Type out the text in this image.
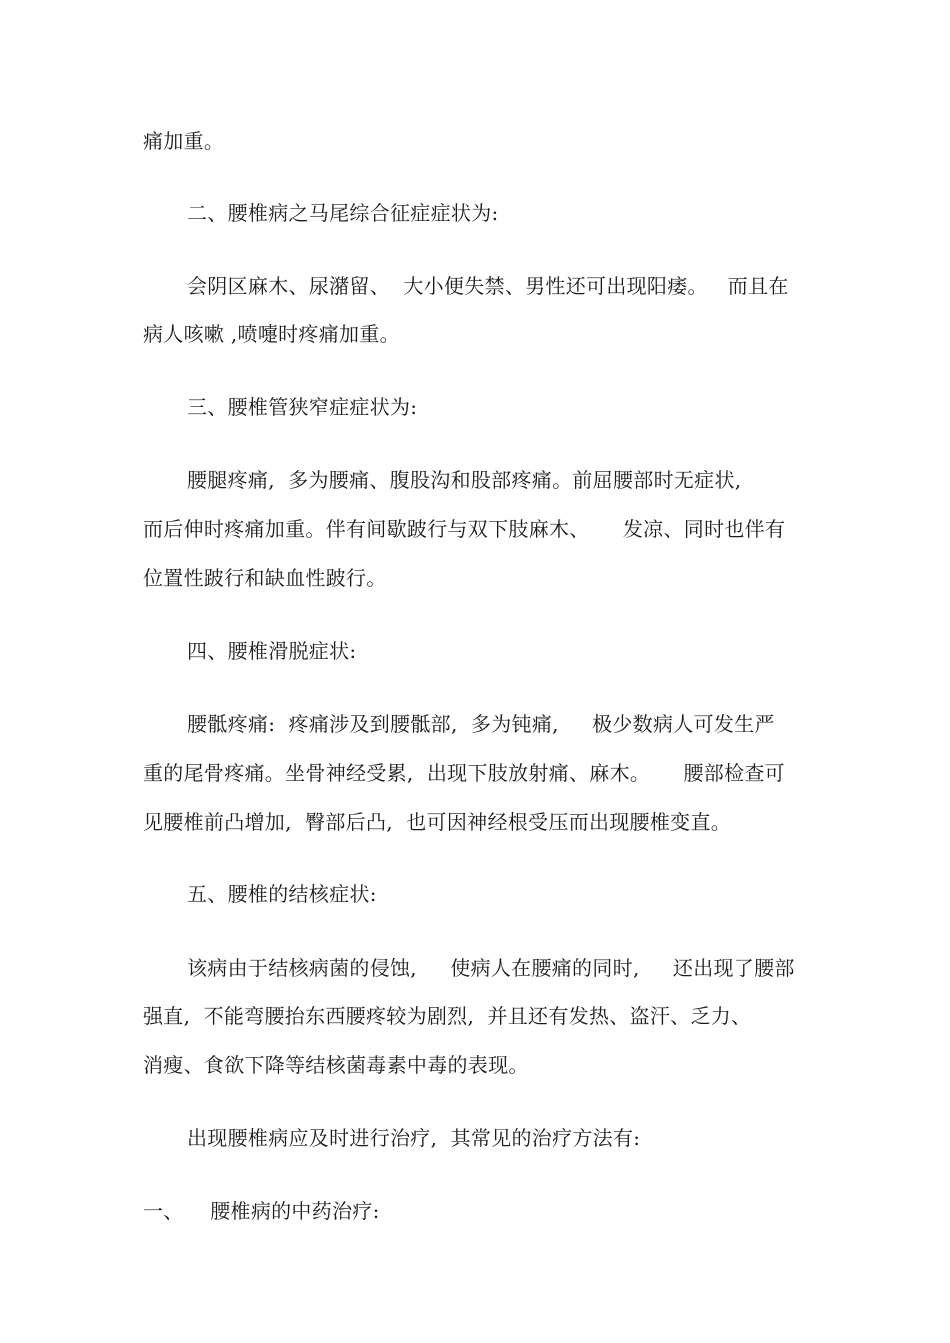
痛加重。
二、腰椎病之马尾综合征症症状为:
会阴区麻木、尿潴留、  大小便失禁、男性还可出现阳痿。   而且在
病人咳嗽 ,喷嚏时疼痛加重。
三、腰椎管狭窄症症状为:
腰腿疼痛,  多为腰痛、腹股沟和股部疼痛。前屈腰部时无症状,
而后伸时疼痛加重。伴有间歇跛行与双下肢麻木、     发凉、同时也伴有
位置性跛行和缺血性跛行。
四、腰椎滑脱症状:
腰骶疼痛:  疼痛涉及到腰骶部,  多为钝痛,     极少数病人可发生严
重的尾骨疼痛。坐骨神经受累,  出现下肢放射痛、麻木。     腰部检查可
见腰椎前凸增加,  臀部后凸,  也可因神经根受压而出现腰椎变直。
五、腰椎的结核症状:
该病由于结核病菌的侵蚀,     使病人在腰痛的同时,     还出现了腰部
强直,  不能弯腰抬东西腰疼较为剧烈,  并且还有发热、盗汗、乏力、
消瘦、食欲下降等结核菌毒素中毒的表现。
出现腰椎病应及时进行治疗,  其常见的治疗方法有:
一、    腰椎病的中药治疗:
